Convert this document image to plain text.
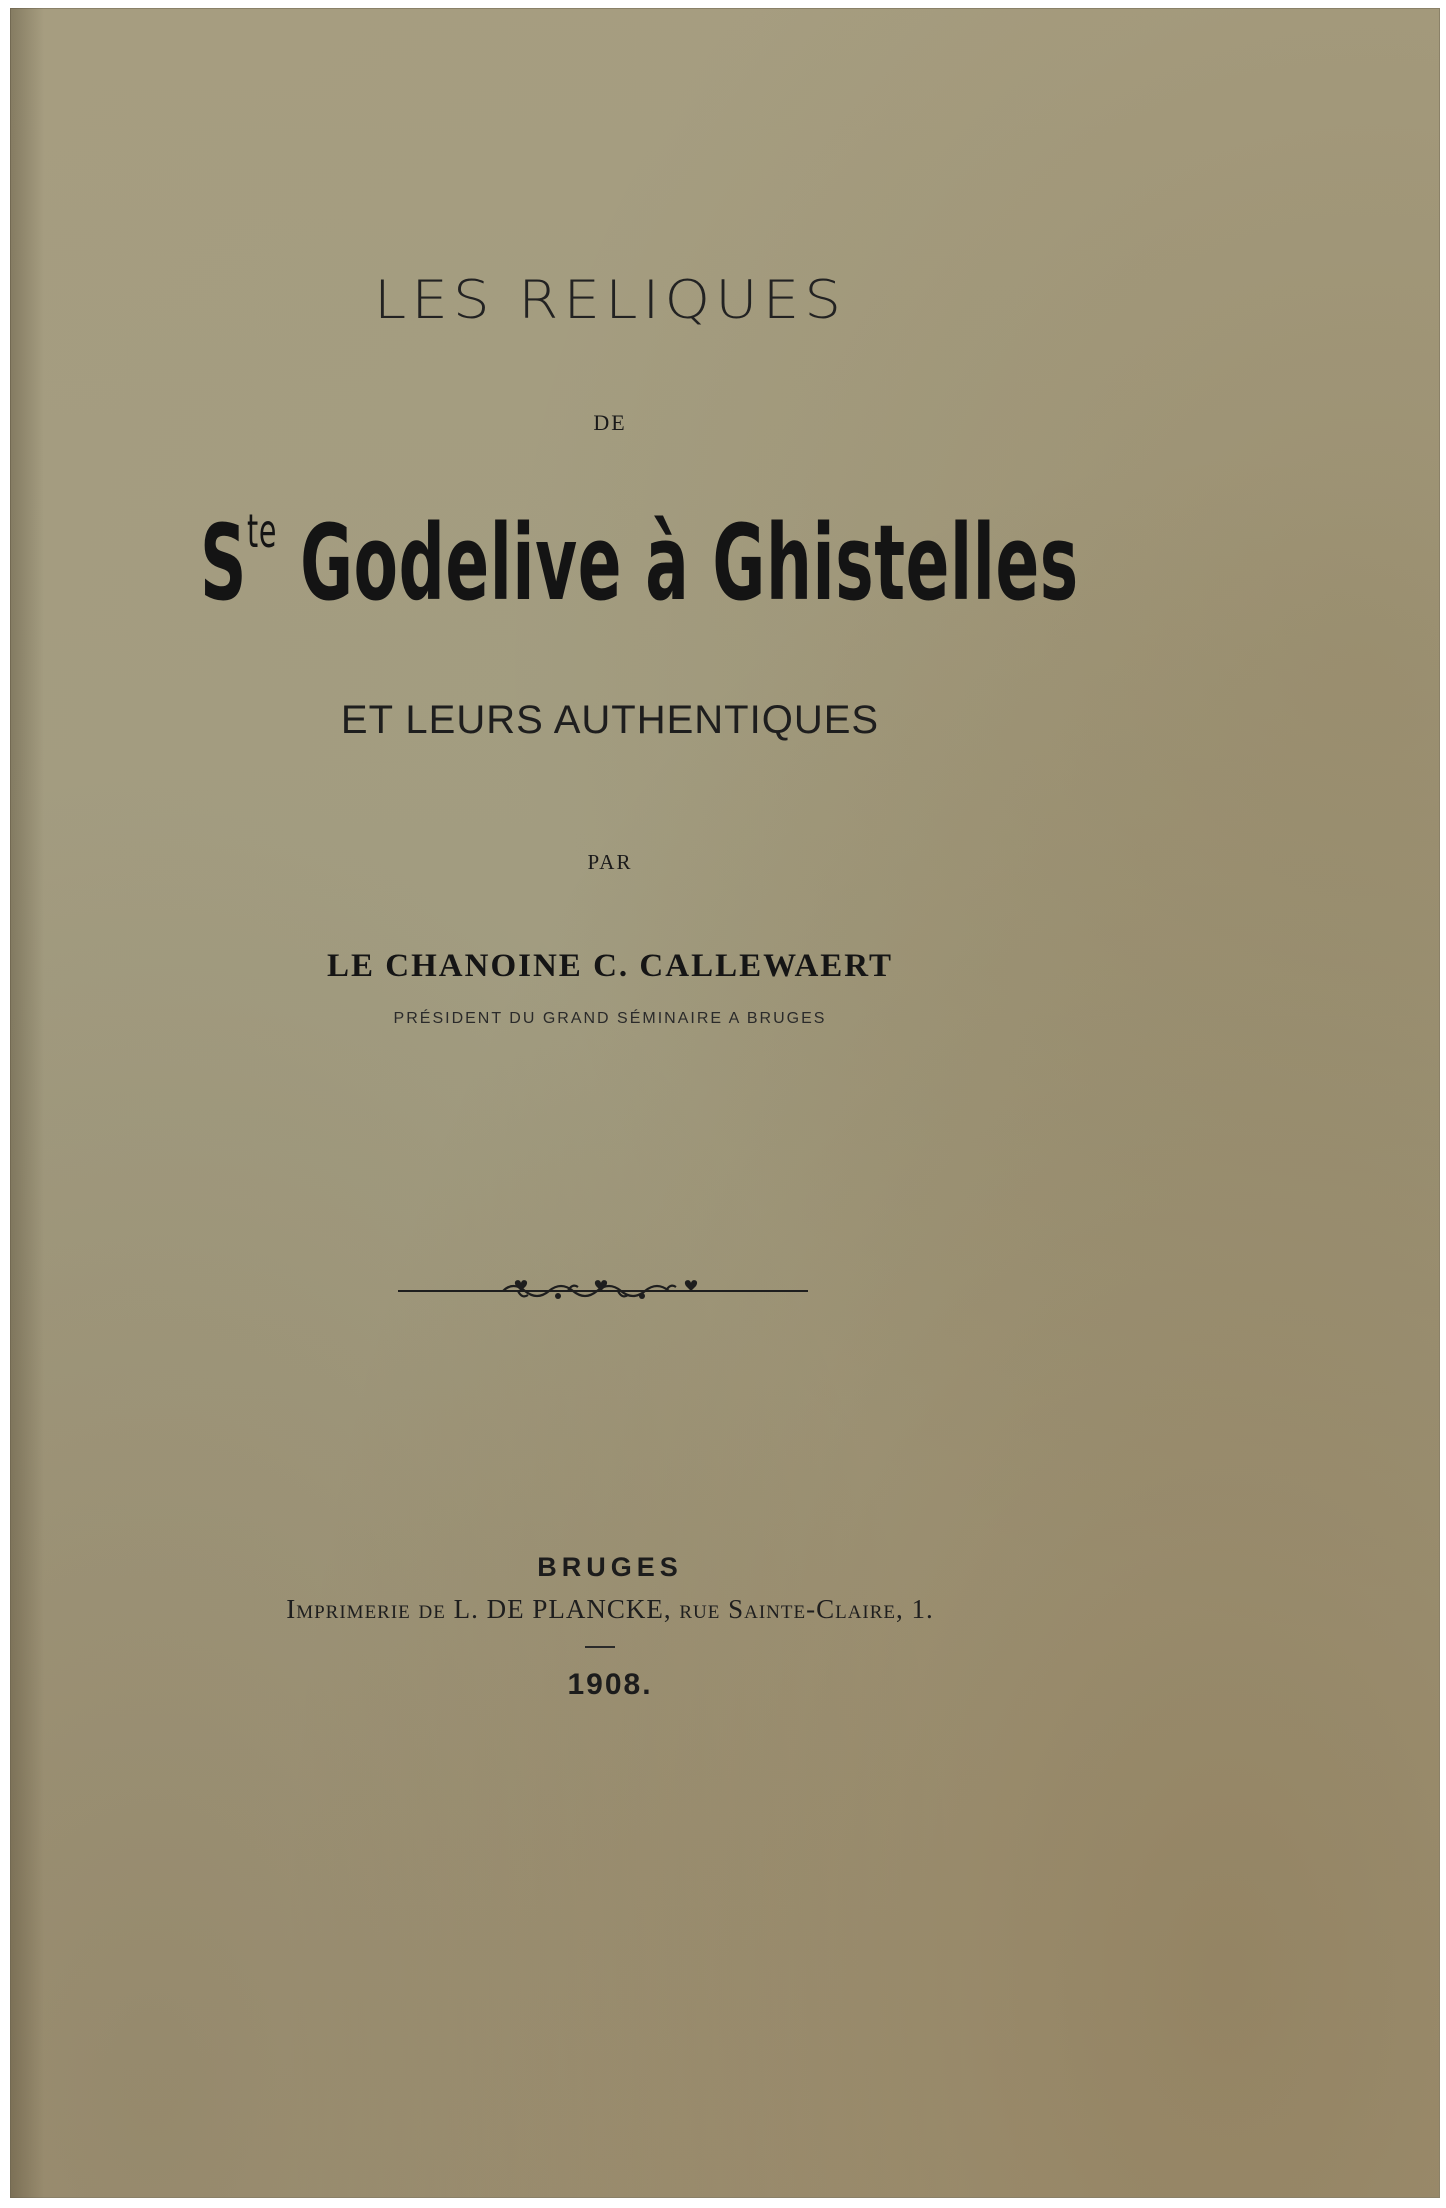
LES RELIQUES
DE
$S^{te}$ Godelive à Ghistelles
ET LEURS AUTHENTIQUES
PAR
LE CHANOINE C. CALLEWAERT
PRÉSIDENT DU GRAND SÉMINAIRE A BRUGES
BRUGES
Imprimerie de L. DE PLANCKE, rue Sainte-Claire, 1.
1908.
